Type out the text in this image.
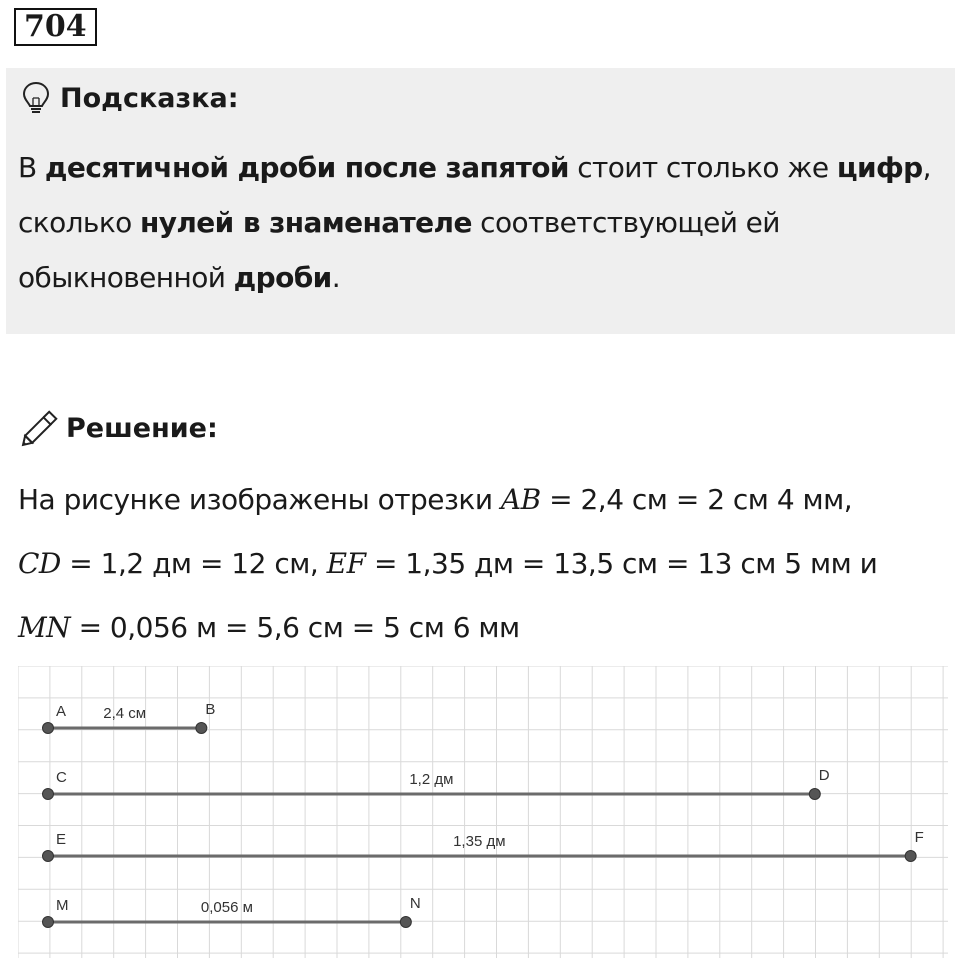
704
Подсказка:
В десятичной дроби после запятой стоит столько же цифр,
сколько нулей в знаменателе соответствующей ей
обыкновенной дроби.
Решение:
На рисунке изображены отрезки AB = 2,4 см = 2 см 4 мм,
CD = 1,2 дм = 12 см, EF = 1,35 дм = 13,5 см = 13 см 5 мм и
MN = 0,056 м = 5,6 см = 5 см 6 мм
A	B
2,4 см
C	D
1,2 дм
E	F
1,35 дм
M	N
0,056 м
